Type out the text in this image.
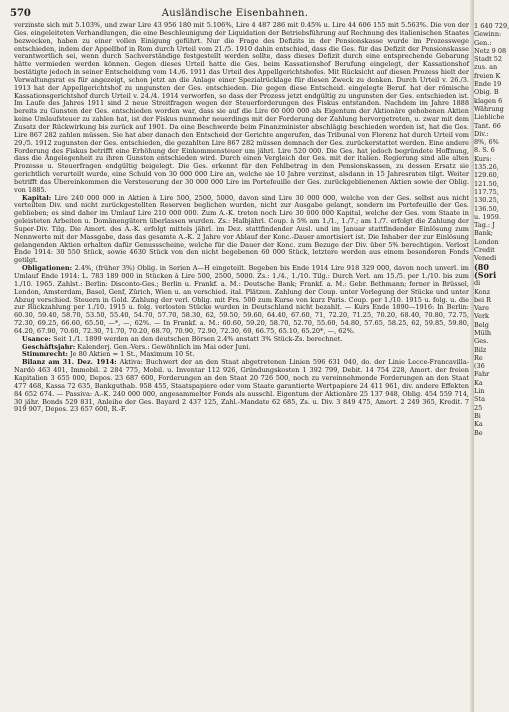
570	Ausländische Eisenbahnen.

verzinste sich mit 5.103%, und zwar Lire 43 956 180 mit 5.106%, Lire 4 487 286 mit 0.45% u. Lire 44 606 155 mit 5.563%. Die von der Ges. eingeleiteten Verhandlungen, die eine Beschleunigung der Liquidation der Betriebsführung auf Rechnung des italienischen Staates bezwecken, haben zu einer vollen Einigung geführt. Nur die Frage des Defizits in der Pensionskasse wurde im Prozesswege entschieden, indem der Appellhof in Rom durch Urteil vom 21./5. 1910 dahin entschied, dass die Ges. für das Defizit der Pensionskasse verantwortlich sei, wenn durch Sachverständige festgestellt werden sollte, dass dieses Defizit durch eine entsprechende Gebarung hätte vermieden werden können. Gegen dieses Urteil hatte die Ges. beim Kassationshof Berufung eingelegt, der Kassationshof bestätigte jedoch in seiner Entscheidung vom 14./6. 1911 das Urteil des Appellgerichtshofes. Mit Rücksicht auf diesen Prozess hielt der Verwaltungsrat es für angezeigt, schon jetzt an die Anlage einer Spezialrücklage für diesen Zweck zu denken. Durch Urteil v. 26./3. 1913 hat der Appellgerichtshof zu ungunsten der Ges. entschieden. Die gegen diese Entscheid. eingelegte Beruf. hat der römische Kassationsgerichtshof durch Urteil v. 24./4. 1914 verworfen, so dass der Prozess jetzt endgültig zu ungunsten der Ges. entschieden ist. Im Laufe des Jahres 1911 sind 2 neue Streitfragen wegen der Steuerforderungen des Fiskus entstanden. Nachdem im Jahre 1888 bereits zu Gunsten der Ges. entschieden worden war, dass sie auf die Lire 60 000 000 als Eigentum der Aktionäre gehobenen Aktien keine Umlaufsteuer zu zahlen hat, ist der Fiskus nunmehr neuerdings mit der Forderung der Zahlung hervorgetreten, u. zwar mit dem Zusatz der Rückwirkung bis zurück auf 1901. Da eine Beschwerde beim Finanzminister abschlägig beschieden worden ist, hat die Ges. Lire 867 282 zahlen müssen. Sie hat aber danach den Entscheid der Gerichte angerufen, das Tribunal von Florenz hat durch Urteil vom 29./5. 1912 zugunsten der Ges. entschieden, die gezahlten Lire 867 282 müssen demnach der Ges. zurückerstattet werden. Eine andere Forderung des Fiskus betrifft eine Erhöhung der Einkommensteuer um jährl. Lire 520 000. Die Ges. hat jedoch begründete Hoffnung, dass die Angelegenheit zu ihren Gunsten entschieden wird. Durch einen Vergleich der Ges. mit der italien. Regierung sind alle alten Prozesse u. Steuerfragen endgültig beigelegt. Die Ges. erkennt für den Fehlbetrag in den Pensionskassen, zu dessen Ersatz sie gerichtlich verurteilt wurde, eine Schuld von 30 000 000 Lire an, welche sie 10 Jahre verzinst, alsdann in 15 Jahresraten tilgt. Weiter betrifft das Übereinkommen die Versteuerung der 30 000 000 Lire im Portefeuille der Ges. zurückgeblienenen Aktien sowie der Oblig. von 1885.

Kapital: Lire 240 000 000 in Aktien à Lire 500, 2500, 5000, davon sind Lire 30 000 000, welche von der Ges. selbst aus nicht verteilten Div. und nicht zurückgestellten Reserven beglichen wurden, nicht zur Ausgabe gelangt, sondern im Portefeuille der Ges. geblieben; es sind daher im Umlauf Lire 210 000 000. Zum A.-K. treten noch Lire 30 000 000 Kapital, welche der Ges. vom Staate in geleisteten Arbeiten u. Domänengütern überlassen wurden. Zs.: Halbjährl. Coup. à 5% am 1./1., 1./7.; am 1./7. erfolgt die Zahlung der Super-Div. Tilg. Die Amort. des A.-K. erfolgt mittels jährl. im Dez. stattfindender Ausl. und im Januar stattfindender Einlösung zum Nennwerte mit der Massgabe, dass das gesamte A.-K. 2 Jahre vor Ablauf der Konc.-Dauer amortisiert ist. Die Inhaber der zur Einlösung gelangenden Aktien erhalten dafür Genussscheine, welche für die Dauer der Konc. zum Bezuge der Div. über 5% berechtigen. Verlost Ende 1914: 30 550 Stück, sowie 4630 Stück von den nicht begebenen 60 000 Stück, letztere werden aus einem besonderen Fonds getilgt.

Obligationen: 2.4%, (früher 3%) Oblig. in Serien A—H eingeteilt. Begeben bis Ende 1914 Lire 918 329 000, davon noch unverl. im Umlauf Ende 1914: L. 783 189 000 in Stücken à Lire 500, 2500, 5000. Zs.: 1./4., 1./10. Tilg.: Durch Verl. am 15./5. per 1./10. bis zum 1./10. 1965. Zahlst.: Berlin: Disconto-Ges.; Berlin u. Frankf. a. M.: Deutsche Bank; Frankf. a. M.: Gebr. Bethmann; ferner in Brüssel, London, Amsterdam, Basel, Genf, Zürich, Wien u. an verschied. ital. Plätzen. Zahlung der Coup. unter Vorlegung der Stücke und unter Abzug verschied. Steuern in Gold. Zahlung der verl. Oblig. mit Frs. 500 zum Kurse von kurz Paris. Coup. per 1./10. 1915 u. folg. u. die zur Rückzahlung per 1./10. 1915 u. folg. verlosten Stücke wurden in Deutschland nicht bezahlt. — Kurs Ende 1890—1916: In Berlin: 60.30, 59.40, 58.70, 53.50, 55.40, 54.70, 57.70, 58.30, 62, 59.50, 59.60, 64.40, 67.60, 71, 72.20, 71.25, 70.20, 68.40, 70.80, 72.75, 72.30, 69.25, 66.60, 65.50, —*, —, 62%. — In Frankf. a. M.: 60.60, 59.20, 58.70, 52.70, 55.60, 54.80, 57.65, 58.25, 62, 59.85, 59.80, 64.20, 67.90, 70.60, 72.30, 71.70, 70.20, 68.70, 70.90, 72.90, 72.30, 69, 66.75, 65.10, 65.20*, —, 62%.

Usance: Seit 1./1. 1899 werden an den deutschen Börsen 2.4% anstatt 3% Stück-Zs. berechnet.

Geschäftsjahr: Kalenderj. Gen.-Vers.: Gewöhnlich im Mai oder Juni.

Stimmrecht: Je 80 Aktien = 1 St., Maximum 10 St.

Bilanz am 31. Dez. 1914: Aktiva: Buchwert der an den Staat abgetretenen Linien 596 631 040, do. der Linie Lecce-Francavilla-Nardò 463 401, Immobil. 2 284 775, Mobil. u. Inventar 112 926, Gründungskosten 1 392 799, Debit. 14 754 228, Amort. der freien Kapitalien 3 655 000, Depos. 23 687 600, Forderungen an den Staat 20 726 500, noch zu vereinnehmende Forderungen an den Staat 477 468, Kassa 72 635, Bankguthab. 958 455, Staatspapiere oder vom Staate garantierte Wertpapiere 24 411 961, div. andere Effekten 84 652 674. — Passiva: A.-K. 240 000 000, angesammelter Fonds als ausschl. Eigentum der Aktionäre 25 137 948, Oblig. 454 559 714, 30 jähr. Bonds 529 831, Anleihe der Ges. Bayard 2 437 125, Zahl.-Mandate 62 685, Zs. u. Div. 3 849 475, Amort. 2 249 365, Kredit. 7 919 907, Depos. 23 657 600, R.-F.

1 640 729,
Gewinn:
Gen.:
Netz 9 08
Stadt 52
zus. an
freien K
Ende 19
Obig. B
klagen 6
Währung
Liebliche
Tant. 66
Div.:
8%, 6%
8. S. 6
Kurs:
135.26,
129.60,
121.50,
117.75,
130.25,
136.50,
u. 1959.
Tag.: J
Bank;
London
Credit
Venedi
(80
(Sori
di
Konz
bei R
Vare
Verk
Belg
Mülh
Ges.
Bilz
Re
(36
Fahr
Ka
Lin
Sta
25
Bi
Ka
Be
